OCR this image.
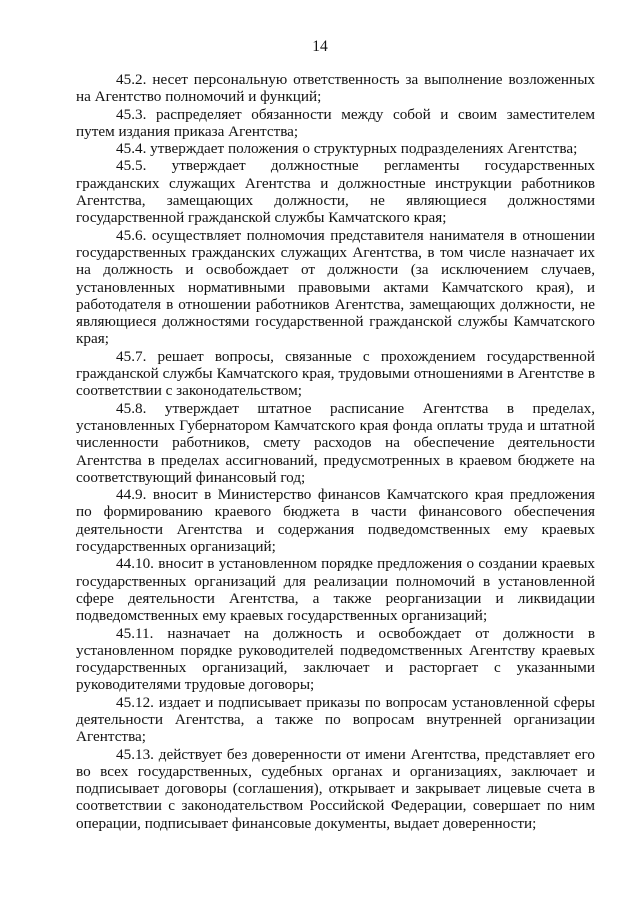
14

45.2. несет персональную ответственность за выполнение возложенных на Агентство полномочий и функций;

45.3. распределяет обязанности между собой и своим заместителем путем издания приказа Агентства;

45.4. утверждает положения о структурных подразделениях Агентства;

45.5. утверждает должностные регламенты государственных гражданских служащих Агентства и должностные инструкции работников Агентства, замещающих должности, не являющиеся должностями государственной гражданской службы Камчатского края;

45.6. осуществляет полномочия представителя нанимателя в отношении государственных гражданских служащих Агентства, в том числе назначает их на должность и освобождает от должности (за исключением случаев, установленных нормативными правовыми актами Камчатского края), и работодателя в отношении работников Агентства, замещающих должности, не являющиеся должностями государственной гражданской службы Камчатского края;

45.7. решает вопросы, связанные с прохождением государственной гражданской службы Камчатского края, трудовыми отношениями в Агентстве в соответствии с законодательством;

45.8. утверждает штатное расписание Агентства в пределах, установленных Губернатором Камчатского края фонда оплаты труда и штатной численности работников, смету расходов на обеспечение деятельности Агентства в пределах ассигнований, предусмотренных в краевом бюджете на соответствующий финансовый год;

44.9. вносит в Министерство финансов Камчатского края предложения по формированию краевого бюджета в части финансового обеспечения деятельности Агентства и содержания подведомственных ему краевых государственных организаций;

44.10. вносит в установленном порядке предложения о создании краевых государственных организаций для реализации полномочий в установленной сфере деятельности Агентства, а также реорганизации и ликвидации подведомственных ему краевых государственных организаций;

45.11. назначает на должность и освобождает от должности в установленном порядке руководителей подведомственных Агентству краевых государственных организаций, заключает и расторгает с указанными руководителями трудовые договоры;

45.12. издает и подписывает приказы по вопросам установленной сферы деятельности Агентства, а также по вопросам внутренней организации Агентства;

45.13. действует без доверенности от имени Агентства, представляет его во всех государственных, судебных органах и организациях, заключает и подписывает договоры (соглашения), открывает и закрывает лицевые счета в соответствии с законодательством Российской Федерации, совершает по ним операции, подписывает финансовые документы, выдает доверенности;
